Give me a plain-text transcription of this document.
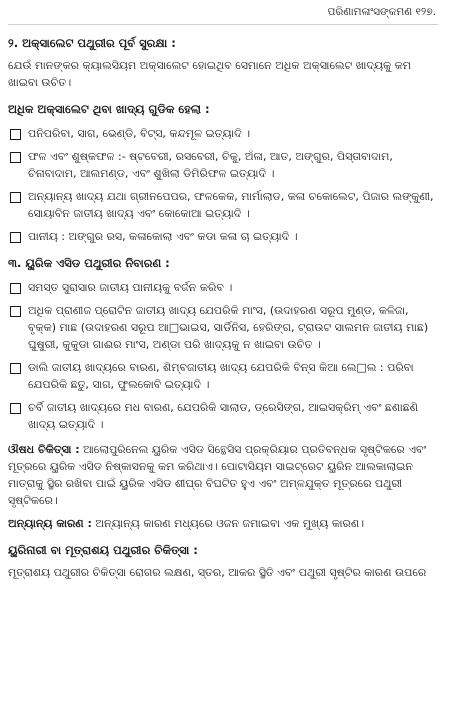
ପରିଣାମଳାଂସଙ୍କମଣ ୧୨୭.
୨. ଅକ୍ସାଲେଟ ପଥୁରୀର ପୂର୍ବ ସୁରକ୍ଷା :
ଯେଉଁ ମାନଙ୍କର କ୍ୟାଲସିୟମ ଅକ୍ସାଲେଟ ହୋଇଥିବ ସେମାନେ ଅଧିକ ଅକ୍ସାଲେଟ ଖାଦ୍ୟକୁ କମ ଖାଇବା ଉଚିତ।
ଅଧିକ ଅକ୍ସାଲେଟ ଥିବା ଖାଦ୍ୟ ଗୁଡିକ ହେଲା :
ପନିପରିବା, ସାଗ, ଭେଣ୍ଡି, ବିଟ୍ସ, କନ୍ଦମୂଳ ଇତ୍ୟାଦି ।
ଫଳ ଏବଂ ଶୁଷ୍କଫଳ :- ଷ୍ଟବେରୀ, ରସବେରୀ, ଚିକୁ, ଅଁଳା, ଆତ, ଅଙ୍ଗୁର, ପିସ୍ତାବାଦାମ, ଚିନାବାଦାମ, ଆଲମଣ୍ଡ, ଏବଂ ଶୁଖିଲା ଡିମିରିଫଳ ଇତ୍ୟାଦି ।
ଅନ୍ୟାନ୍ୟ ଖାଦ୍ୟ ଯଥା ଗ୍ରୀନପେପର, ଫଳକେକ, ମାର୍ମାଲାଡ, କଳା ଚକୋଲେଟ, ପିଜାର ଲଙ୍କୁଣୀ, ସୋୟାବିନ ଜାତୀୟ ଖାଦ୍ୟ ଏବଂ କୋକୋଆ ଇତ୍ୟାଦି ।
ପାନୀୟ : ଅଙ୍ଗୁର ରସ, କଳାକୋଲା ଏବଂ କଡା କଳା ଚା ଇତ୍ୟାଦି ।
୩. ୟୁରିକ ଏସିଡ ପଥୁରୀର ନିବାରଣ :
ସମସ୍ତ ସୁରାସାର ଜାତୀୟ ପାନୀୟକୁ ବର୍ଜନ କରିବ ।
ଅଧିକ ପ୍ରାଣୀଜ ପ୍ରୋଟିନ ଜାତୀୟ ଖାଦ୍ୟ ଯେପରିକି ମାଂସ, (ଉଦାହରଣ ସରୂପ ମୁଣ୍ଡ, କଳିଜା, ବୃକ୍କ) ମାଛ (ଉଦାହରଣ ସରୂପ ଆ□ଭାଇସ, ସାର୍ଡିନିସ, ହେରିଙ୍ଗ, ଟ୍ରାଉଟ ସାଲମନ ଜାତୀୟ ମାଛ) ଘୁଷୁରୀ, କୁକୁଡା ଗାଈର ମାଂସ, ଅଣ୍ଡା ପରି ଖାଦ୍ୟକୁ ନ ଖାଇବା ଉଚିତ ।
ଡାଲି ଜାତୀୟ ଖାଦ୍ୟରେ ବାରଣ, ଶିମ୍ବଜାତୀୟ ଖାଦ୍ୟ ଯେପରିକି ବିନ୍ସ କିଆ ଲେ□ଲ : ପରିବା ଯେପରିକି ଛତୁ, ସାଗ, ଫୁଲକୋବି ଇତ୍ୟାଦି ।
ଚର୍ବି ଜାତୀୟ ଖାଦ୍ୟରେ ମଧ ବାରଣ, ଯେପରିକି ସାଲାଡ, ଡ୍ରେସିଙ୍ଗ, ଆଇସକ୍ରିମ୍ ଏବଂ ଛଣାଛଣି ଖାଦ୍ୟ ଇତ୍ୟାଦି ।
ଔଷଧ ଚିକିତ୍ସା : ଆଲୋପୁରିନେଲ ୟୁରିକ ଏସିଡ ସିନ୍ଥେସିସ ପ୍ରକ୍ରିୟାର ପ୍ରତିବନ୍ଧକ ସୃଷ୍ଟିକରେ ଏବଂ ମୂତ୍ରରେ ୟୁରିକ ଏସିଡ ନିଷ୍କାସନକୁ କମ କରିଥାଏ। ପୋଟାସିୟମ ସାଇଟ୍ରେଟ ୟୁରିନ ଆଲକାଲାଇନ ମାତ୍ରାକୁ ସ୍ଥିର ରଖିବା ପାଇଁ ୟୁରିକ ଏସିଡ ଶୀଘ୍ର ବିଘଟିତ ହୁଏ ଏବଂ ଅମ୍ଳଯୁକ୍ତ ମୂତ୍ରରେ ପଥୁରୀ ସୃଷ୍ଟିକରେ।
ଅନ୍ୟାନ୍ୟ କାରଣ : ଅନ୍ୟାନ୍ୟ କାରଣ ମଧ୍ୟରେ ଓଜନ ଜମାଇବା ଏକ ମୁଖ୍ୟ କାରଣ।
ୟୁରିନାରୀ ବା ମୂତ୍ରାଶୟ ପଥୁରୀର ଚିକିତ୍ସା :
ମୂତ୍ରାଶୟ ପଥୁରୀର ଚିକିତ୍ସା ରୋଗର ଲକ୍ଷଣ, ସ୍ତର, ଆକର ସ୍ଥିତି ଏବଂ ପଥୁରୀ ସୃଷ୍ଟିର କାରଣ ଉପରେ
